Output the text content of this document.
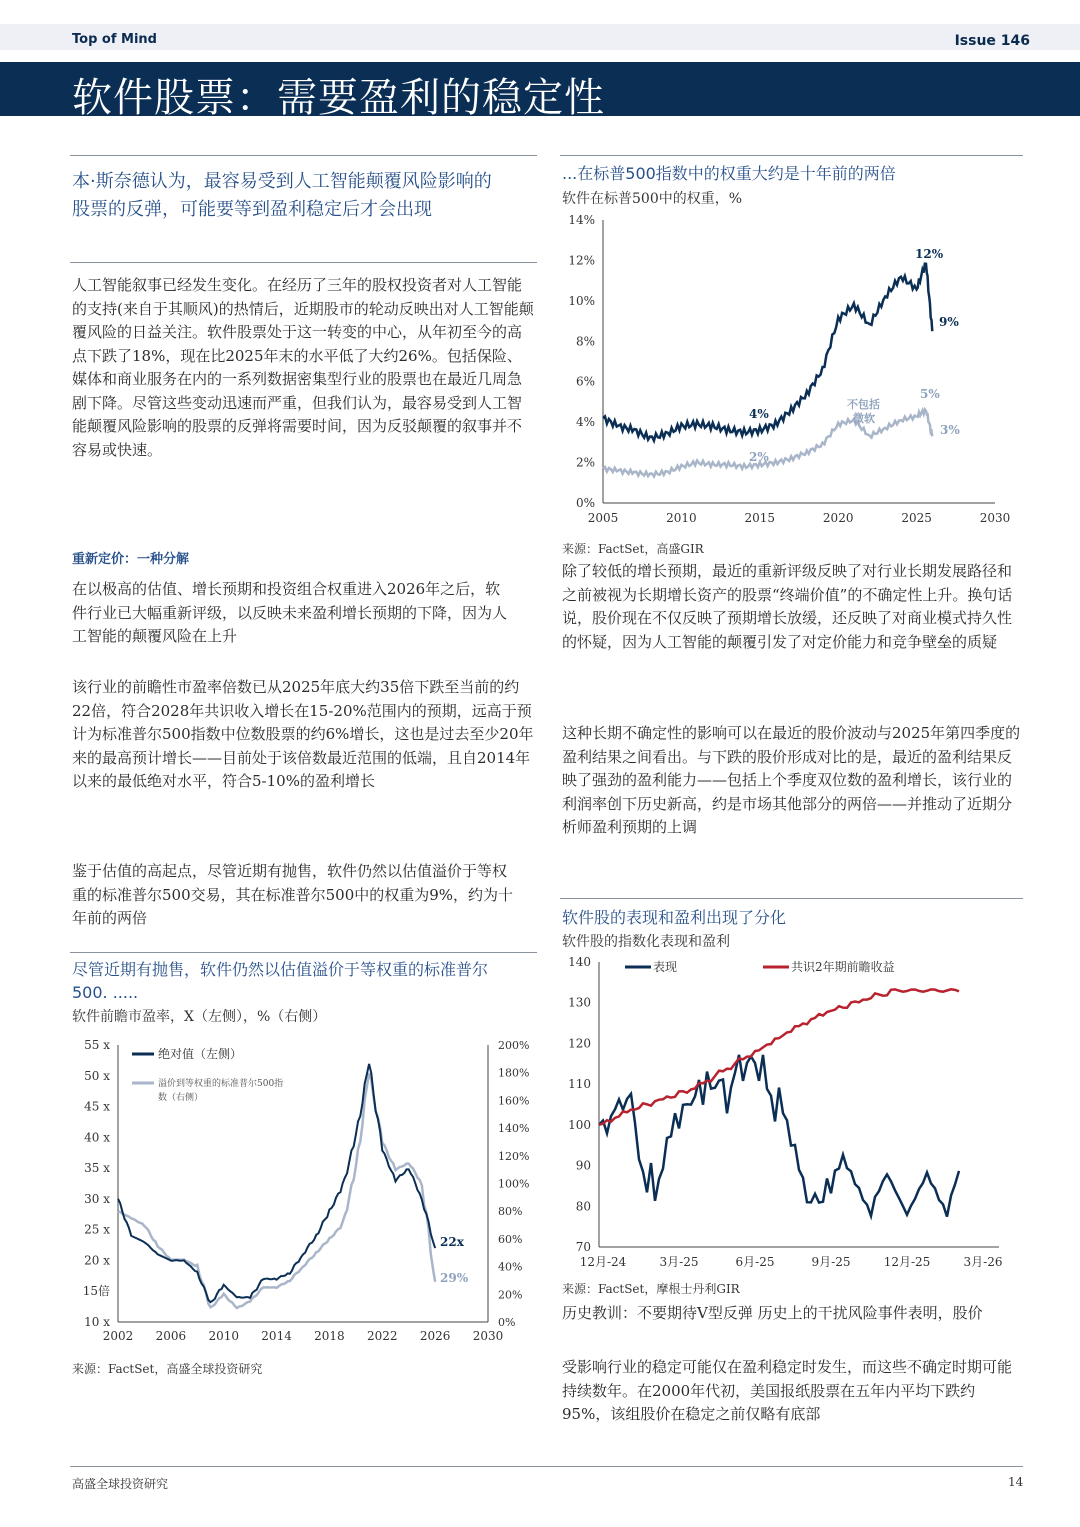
Top of Mind	Issue 146
软件股票：需要盈利的稳定性
本·斯奈德认为，最容易受到人工智能颠覆风险影响的股票的反弹，可能要等到盈利稳定后才会出现
人工智能叙事已经发生变化。在经历了三年的股权投资者对人工智能的支持(来自于其顺风)的热情后，近期股市的轮动反映出对人工智能颠覆风险的日益关注。软件股票处于这一转变的中心，从年初至今的高点下跌了18%，现在比2025年末的水平低了大约26%。包括保险、媒体和商业服务在内的一系列数据密集型行业的股票也在最近几周急剧下降。尽管这些变动迅速而严重，但我们认为，最容易受到人工智能颠覆风险影响的股票的反弹将需要时间，因为反驳颠覆的叙事并不容易或快速。
重新定价：一种分解
在以极高的估值、增长预期和投资组合权重进入2026年之后，软件行业已大幅重新评级，以反映未来盈利增长预期的下降，因为人工智能的颠覆风险在上升
该行业的前瞻性市盈率倍数已从2025年底大约35倍下跌至当前的约22倍，符合2028年共识收入增长在15-20%范围内的预期，远高于预计为标准普尔500指数中位数股票的约6%增长，这也是过去至少20年来的最高预计增长——目前处于该倍数最近范围的低端，且自2014年以来的最低绝对水平，符合5-10%的盈利增长
鉴于估值的高起点，尽管近期有抛售，软件仍然以估值溢价于等权重的标准普尔500交易，其在标准普尔500中的权重为9%，约为十年前的两倍
尽管近期有抛售，软件仍然以估值溢价于等权重的标准普尔500. .....
软件前瞻市盈率，X（左侧），%（右侧）
55 x
50 x
45 x
40 x
35 x
30 x
25 x
20 x
15倍
10 x
200%
180%
160%
140%
120%
100%
80%
60%
40%
20%
0%
2002 2006 2010 2014 2018 2022 2026 2030
绝对值（左侧）
溢价到等权重的标准普尔500指
数（右侧）
22x
29%
来源：FactSet，高盛全球投资研究
...在标普500指数中的权重大约是十年前的两倍
软件在标普500中的权重，%
14%
12%
10%
8%
6%
4%
2%
0%
2005	2010	2015	2020	2025	2030
12%
9%
4%
2%
5%
3%
不包括
微软
来源：FactSet，高盛GIR
除了较低的增长预期，最近的重新评级反映了对行业长期发展路径和之前被视为长期增长资产的股票“终端价值”的不确定性上升。换句话说，股价现在不仅反映了预期增长放缓，还反映了对商业模式持久性的怀疑，因为人工智能的颠覆引发了对定价能力和竞争壁垒的质疑
这种长期不确定性的影响可以在最近的股价波动与2025年第四季度的盈利结果之间看出。与下跌的股价形成对比的是，最近的盈利结果反映了强劲的盈利能力——包括上个季度双位数的盈利增长，该行业的利润率创下历史新高，约是市场其他部分的两倍——并推动了近期分析师盈利预期的上调
软件股的表现和盈利出现了分化
软件股的指数化表现和盈利
140
130
120
110
100
90
80
70
12月-24	3月-25	6月-25	9月-25	12月-25	3月-26
表现	共识2年期前瞻收益
来源：FactSet，摩根士丹利GIR
历史教训：不要期待V型反弹 历史上的干扰风险事件表明，股价
受影响行业的稳定可能仅在盈利稳定时发生，而这些不确定时期可能持续数年。在2000年代初，美国报纸股票在五年内平均下跌约95%，该组股价在稳定之前仅略有底部
高盛全球投资研究	14
